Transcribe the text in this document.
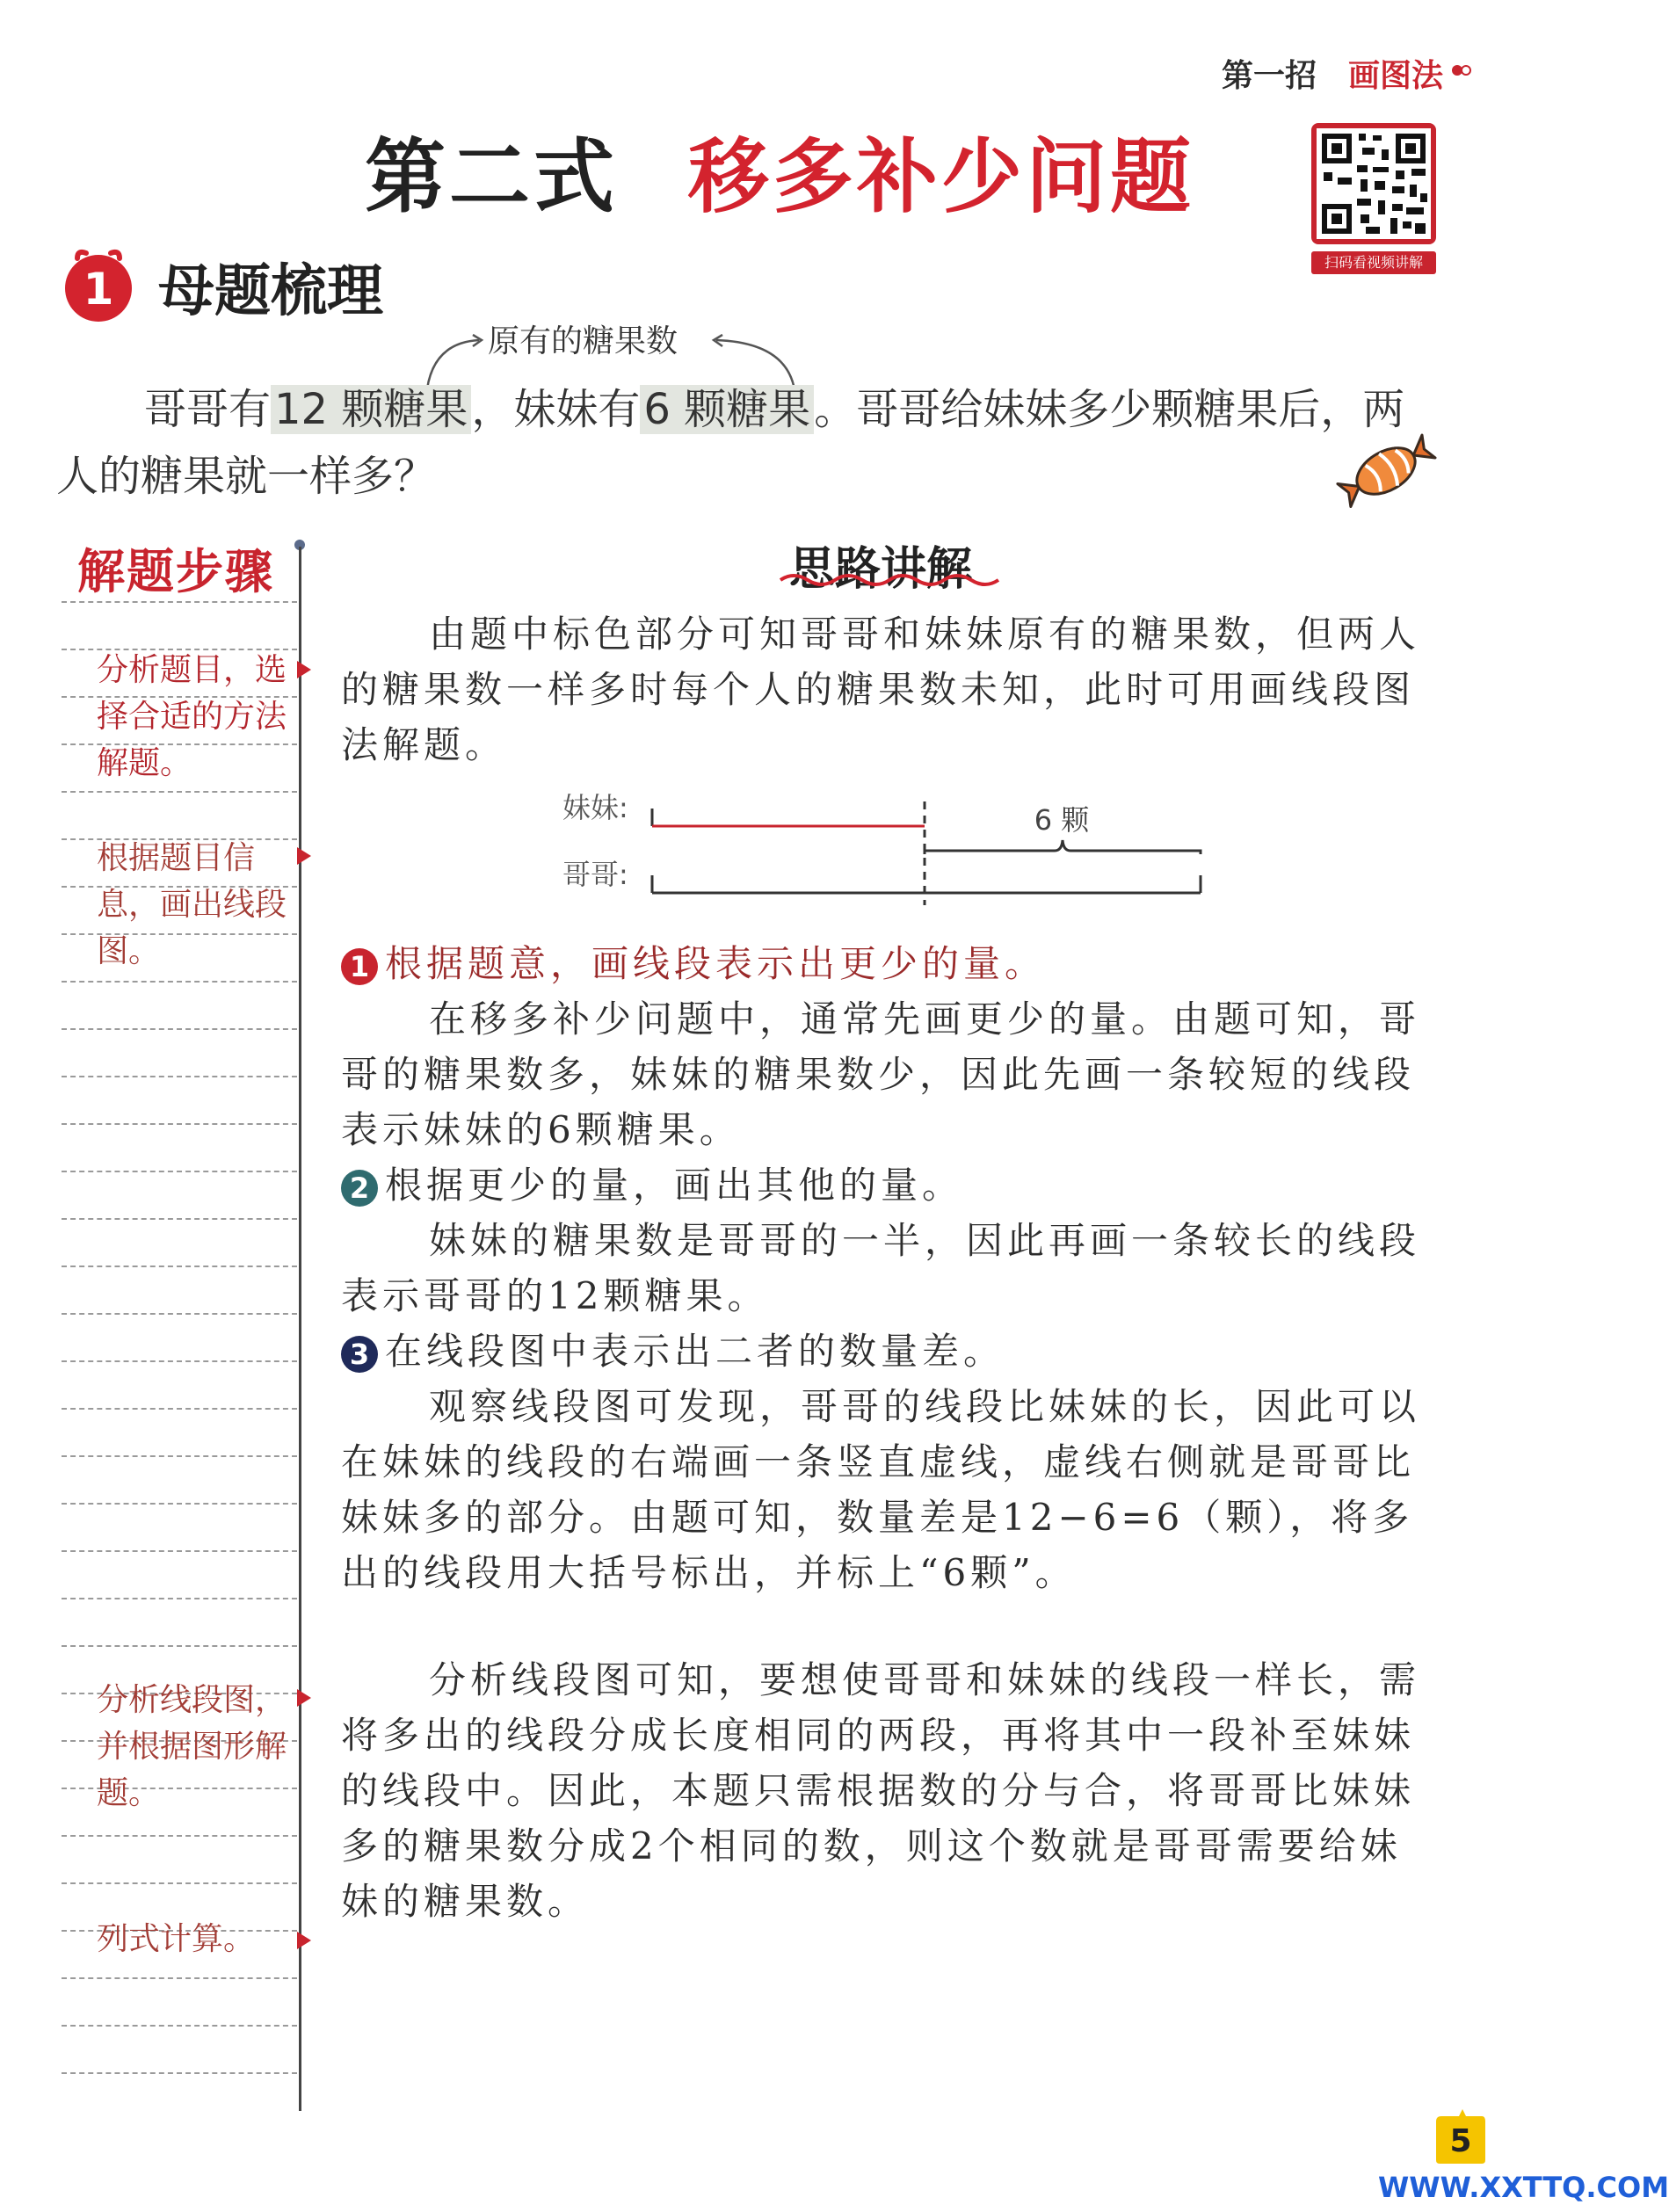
第一招 画图法
第二式 移多补少问题
扫码看视频讲解
1 母题梳理
原有的糖果数
哥哥有12 颗糖果，妹妹有6 颗糖果。哥哥给妹妹多少颗糖果后，两人的糖果就一样多？
解题步骤
分析题目，选择合适的方法解题。
根据题目信息，画出线段图。
分析线段图，并根据图形解题。
列式计算。
思路讲解
由题中标色部分可知哥哥和妹妹原有的糖果数，但两人的糖果数一样多时每个人的糖果数未知，此时可用画线段图法解题。
妹妹:
哥哥:
6 颗
1 根据题意，画线段表示出更少的量。
在移多补少问题中，通常先画更少的量。由题可知，哥哥的糖果数多，妹妹的糖果数少，因此先画一条较短的线段表示妹妹的6颗糖果。
2 根据更少的量，画出其他的量。
妹妹的糖果数是哥哥的一半，因此再画一条较长的线段表示哥哥的12颗糖果。
3 在线段图中表示出二者的数量差。
观察线段图可发现，哥哥的线段比妹妹的长，因此可以在妹妹的线段的右端画一条竖直虚线，虚线右侧就是哥哥比妹妹多的部分。由题可知，数量差是12−6=6（颗），将多出的线段用大括号标出，并标上“6颗”。
分析线段图可知，要想使哥哥和妹妹的线段一样长，需将多出的线段分成长度相同的两段，再将其中一段补至妹妹的线段中。因此，本题只需根据数的分与合，将哥哥比妹妹多的糖果数分成2个相同的数，则这个数就是哥哥需要给妹妹的糖果数。
5
WWW.XXTTQ.COM
